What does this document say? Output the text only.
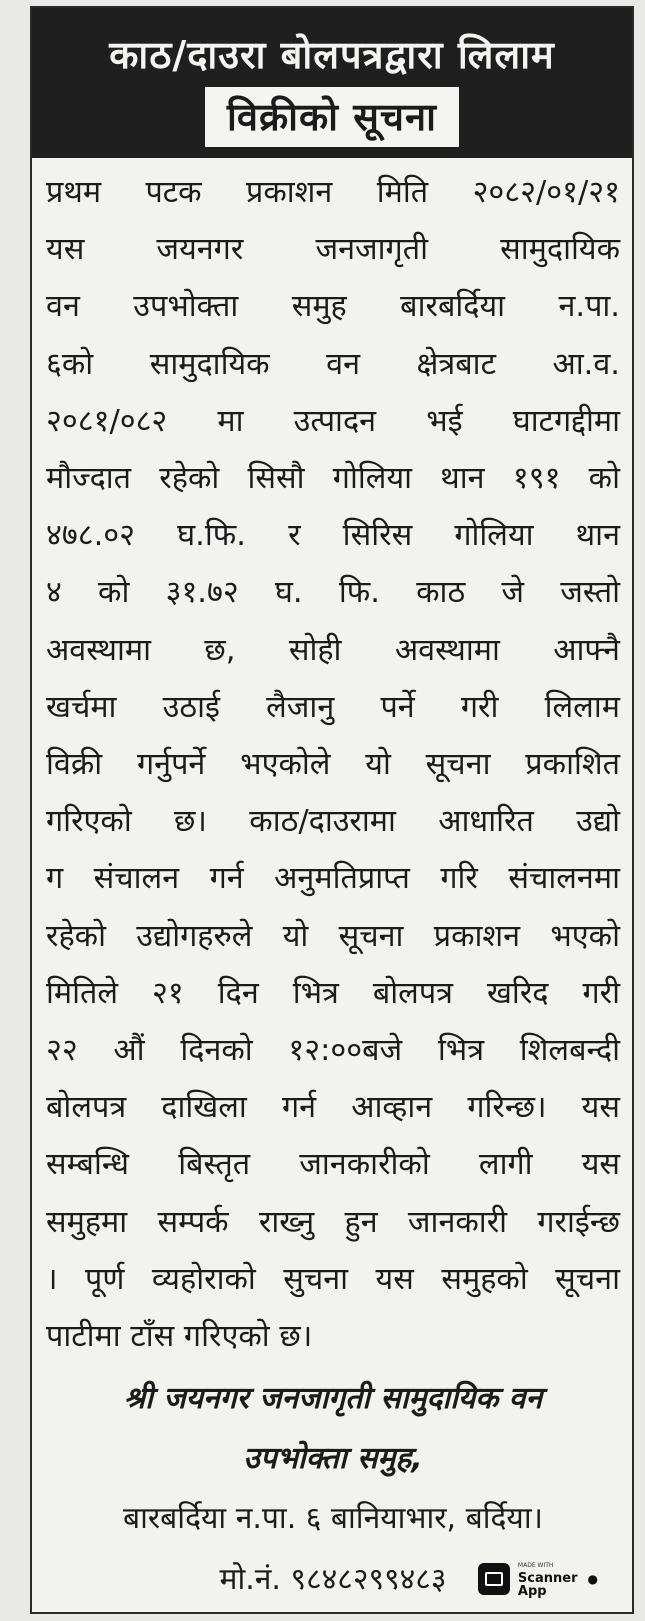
काठ/दाउरा बोलपत्रद्वारा लिलाम
विक्रीको सूचना
प्रथम पटक प्रकाशन मिति २०८२/०१/२१
यस जयनगर जनजागृती सामुदायिक
वन उपभोक्ता समुह बारबर्दिया न.पा.
६को सामुदायिक वन क्षेत्रबाट आ.व.
२०८१/०८२ मा उत्पादन भई घाटगद्दीमा
मौज्दात रहेको सिसौ गोलिया थान १९१ को
४७८.०२ घ.फि. र सिरिस गोलिया थान
४ को ३१.७२ घ. फि. काठ जे जस्तो
अवस्थामा छ, सोही अवस्थामा आफ्नै
खर्चमा उठाई लैजानु पर्ने गरी लिलाम
विक्री गर्नुपर्ने भएकोले यो सूचना प्रकाशित
गरिएको छ। काठ/दाउरामा आधारित उद्यो
ग संचालन गर्न अनुमतिप्राप्त गरि संचालनमा
रहेको उद्योगहरुले यो सूचना प्रकाशन भएको
मितिले २१ दिन भित्र बोलपत्र खरिद गरी
२२ औं दिनको १२:००बजे भित्र शिलबन्दी
बोलपत्र दाखिला गर्न आव्हान गरिन्छ। यस
सम्बन्धि बिस्तृत जानकारीको लागी यस
समुहमा सम्पर्क राख्नु हुन जानकारी गराईन्छ
। पूर्ण व्यहोराको सुचना यस समुहको सूचना
पाटीमा टाँस गरिएको छ।
श्री जयनगर जनजागृती सामुदायिक वन
उपभोक्ता समुह,
बारबर्दिया न.पा. ६ बानियाभार, बर्दिया।
मो.नं. ९८४८२९९४८३	MADE WITH
Scanner
App
●
